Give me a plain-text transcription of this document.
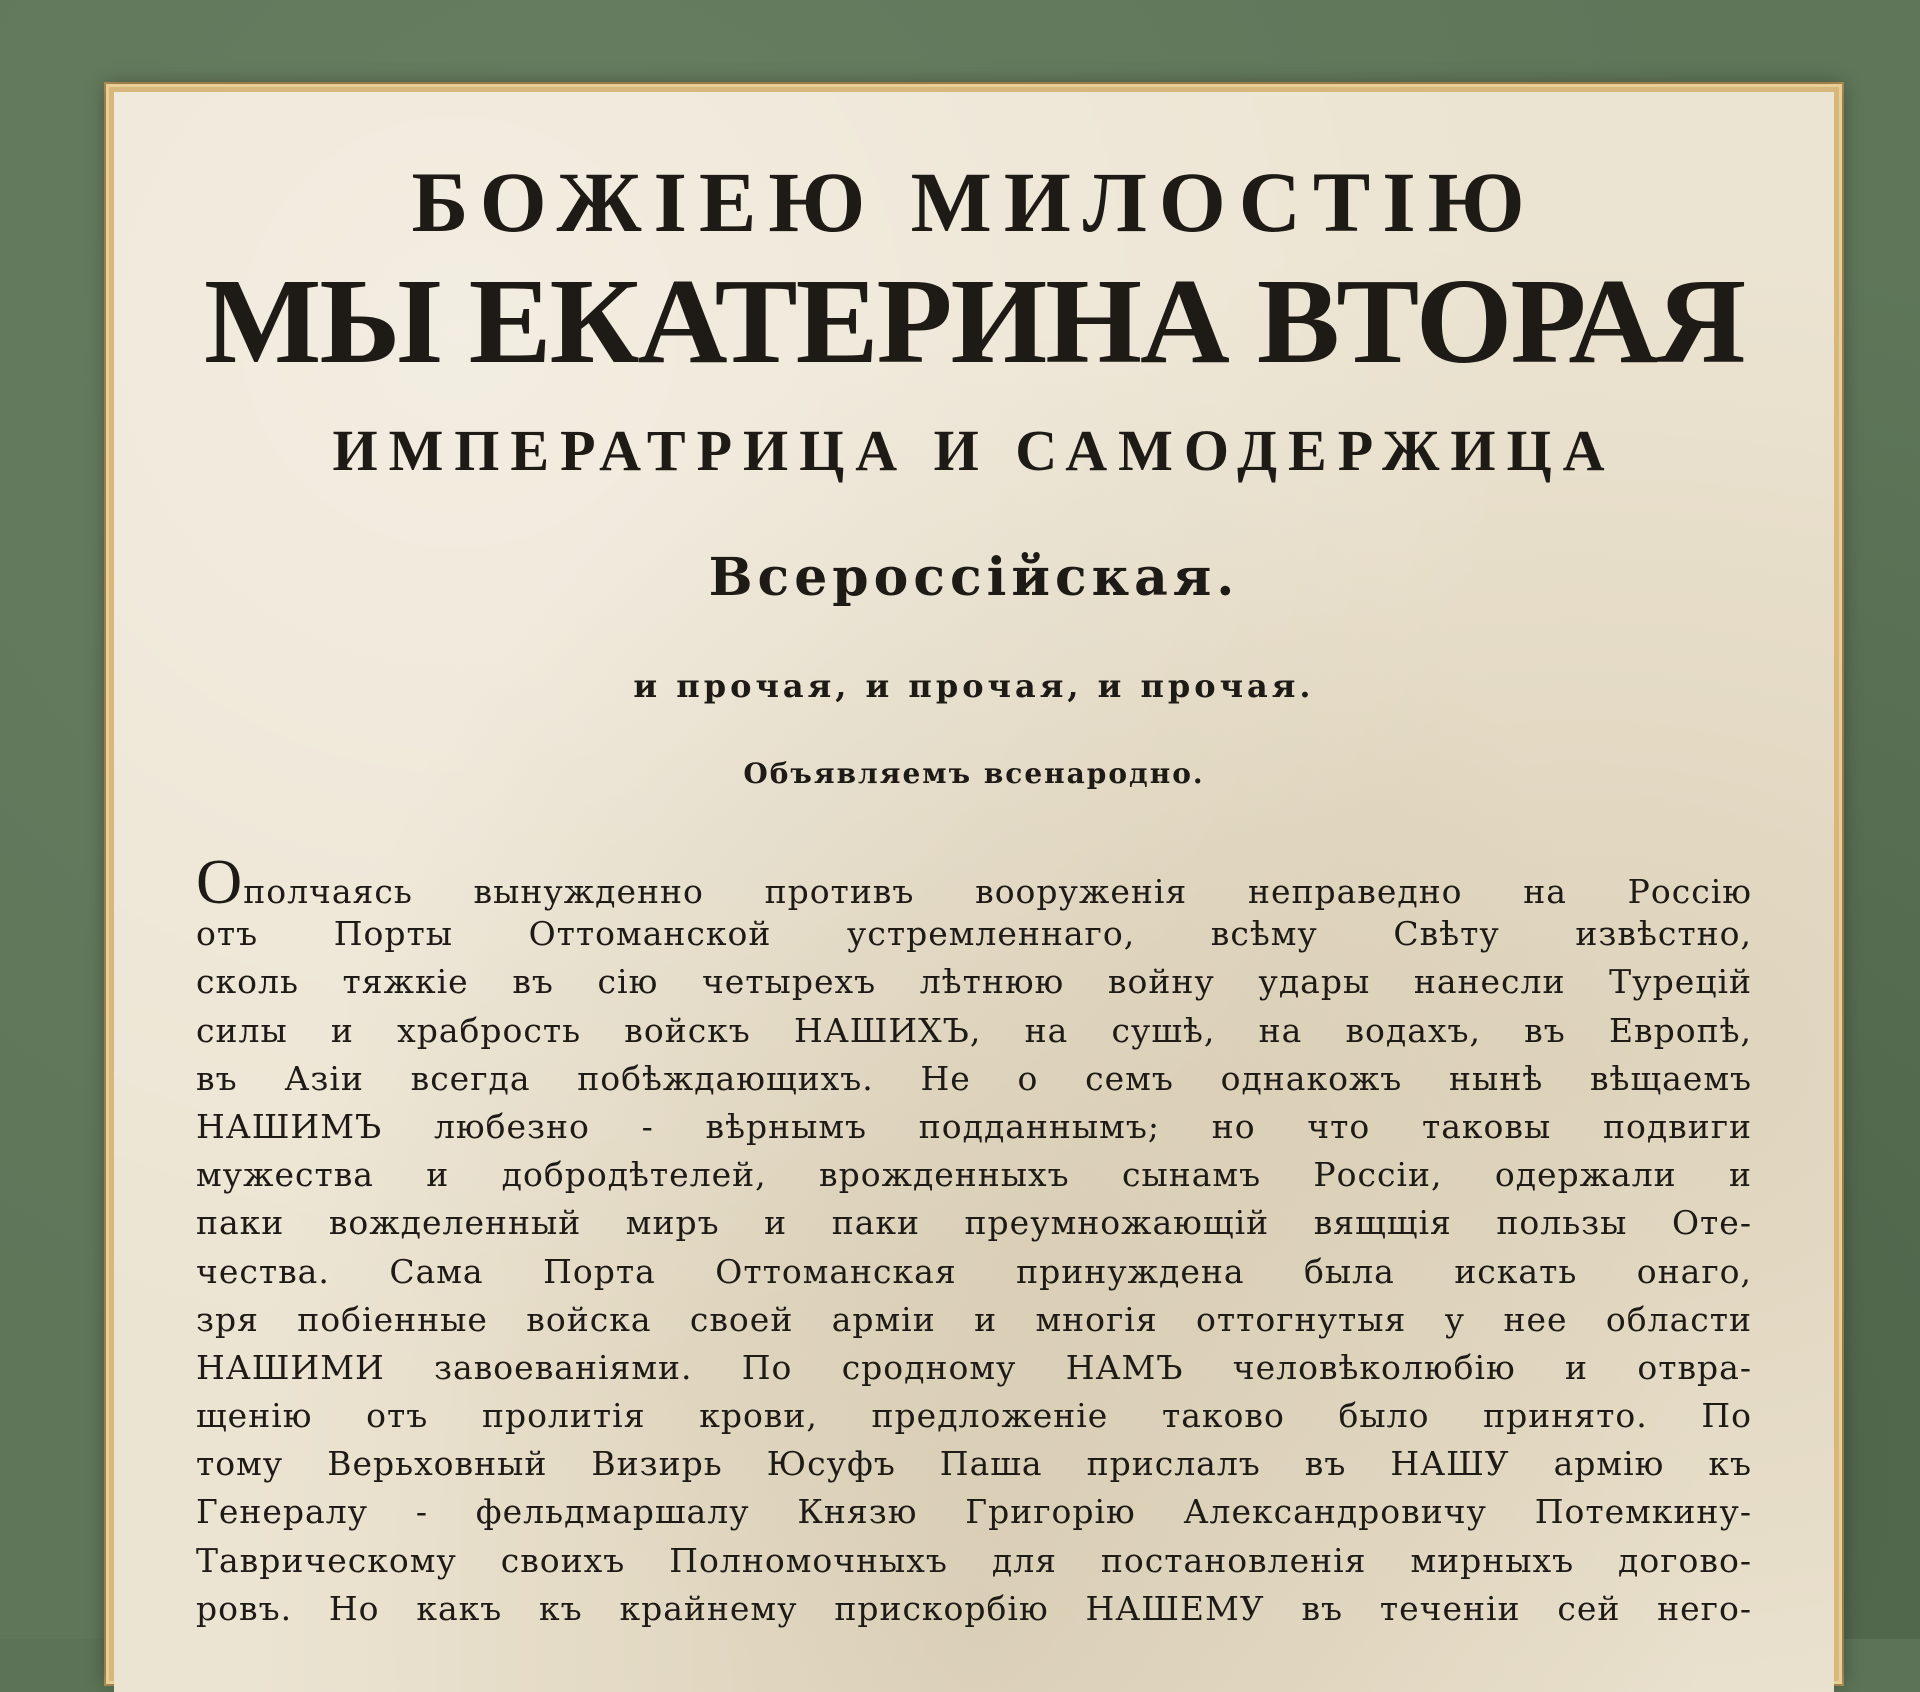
БОЖІЕЮ МИЛОСТІЮ
МЫ ЕКАТЕРИНА ВТОРАЯ
ИМПЕРАТРИЦА И САМОДЕРЖИЦА
Всероссійская.

и прочая, и прочая, и прочая.

Объявляемъ всенародно.

Ополчаясь вынужденно противъ вооруженія неправедно на Россію
отъ Порты Оттоманской устремленнаго, всѣму Свѣту извѣстно,
сколь тяжкіе въ сію четырехъ лѣтнюю войну удары нанесли Турецій
силы и храбрость войскъ НАШИХЪ, на сушѣ, на водахъ, въ Европѣ,
въ Азіи всегда побѣждающихъ. Не о семъ однакожъ нынѣ вѣщаемъ
НАШИМЪ любезно - вѣрнымъ подданнымъ; но что таковы подвиги
мужества и добродѣтелей, врожденныхъ сынамъ Россіи, одержали и
паки вожделенный миръ и паки преумножающій вящщія пользы Оте-
чества. Сама Порта Оттоманская принуждена была искать онаго,
зря побіенные войска своей арміи и многія оттогнутыя у нее области
НАШИМИ завоеваніями. По сродному НАМЪ человѣколюбію и отвра-
щенію отъ пролитія крови, предложеніе таково было принято. По
тому Верьховный Визирь Юсуфъ Паша прислалъ въ НАШУ армію къ
Генералу - фельдмаршалу Князю Григорію Александровичу Потемкину-
Таврическому своихъ Полномочныхъ для постановленія мирныхъ догово-
ровъ. Но какъ къ крайнему прискорбію НАШЕМУ въ теченіи сей него-
